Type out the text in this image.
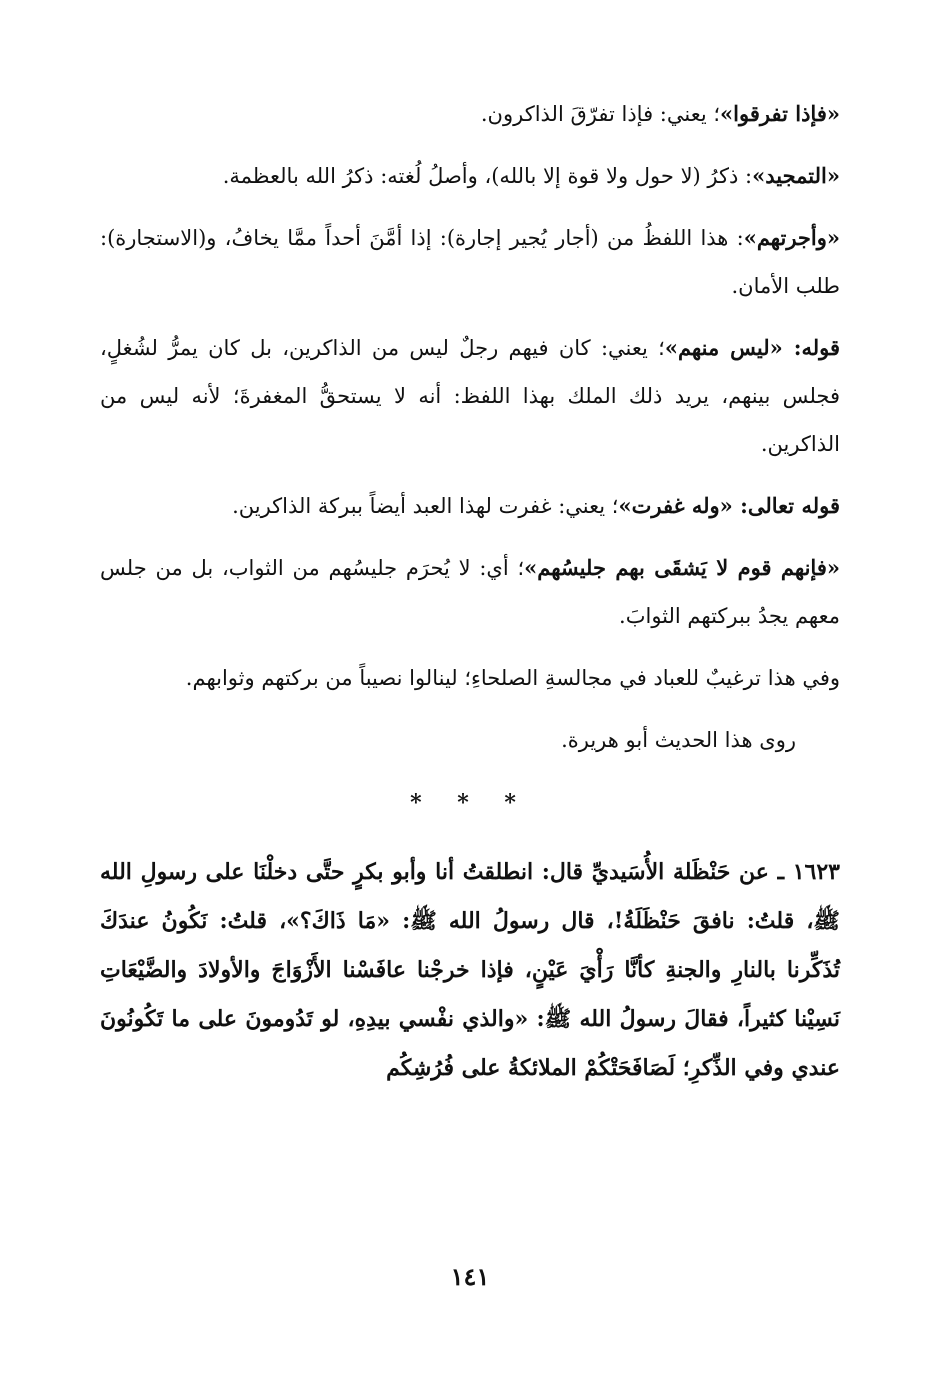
«فإذا تفرقوا»؛ يعني: فإذا تفرّقَ الذاكرون.

«التمجيد»: ذكرُ (لا حول ولا قوة إلا بالله)، وأصلُ لُغته: ذكرُ الله بالعظمة.

«وأجرتهم»: هذا اللفظُ من (أجار يُجير إجارة): إذا أمَّنَ أحداً ممَّا يخافُ، و(الاستجارة): طلب الأمان.

قوله: «ليس منهم»؛ يعني: كان فيهم رجلٌ ليس من الذاكرين، بل كان يمرُّ لشُغلٍ، فجلس بينهم، يريد ذلك الملك بهذا اللفظ: أنه لا يستحقُّ المغفرةَ؛ لأنه ليس من الذاكرين.

قوله تعالى: «وله غفرت»؛ يعني: غفرت لهذا العبد أيضاً ببركة الذاكرين.

«فإنهم قوم لا يَشقَى بهم جليسُهم»؛ أي: لا يُحرَم جليسُهم من الثواب، بل من جلس معهم يجدُ ببركتهم الثوابَ.

وفي هذا ترغيبٌ للعباد في مجالسةِ الصلحاءِ؛ لينالوا نصيباً من بركتهم وثوابهم.

روى هذا الحديث أبو هريرة.

* * *

١٦٢٣ ـ عن حَنْظَلة الأُسَيديِّ قال: انطلقتُ أنا وأبو بكرٍ حتَّى دخلْنَا على رسولِ الله ﷺ، قلتُ: نافقَ حَنْظَلَةُ!، قال رسولُ الله ﷺ: «مَا ذَاكَ؟»، قلتُ: نَكُونُ عندَكَ تُذَكِّرنا بالنارِ والجنةِ كأنَّا رَأْيَ عَيْنٍ، فإذا خرجْنا عافَسْنا الأَزْوَاجَ والأولادَ والضَّيْعَاتِ نَسِيْنا كثيراً، فقالَ رسولُ الله ﷺ: «والذي نفْسي بيدِهِ، لو تَدُومونَ على ما تَكُونُونَ عندي وفي الذِّكرِ؛ لَصَافَحَتْكُمْ الملائكةُ على فُرُشِكُم

١٤١
